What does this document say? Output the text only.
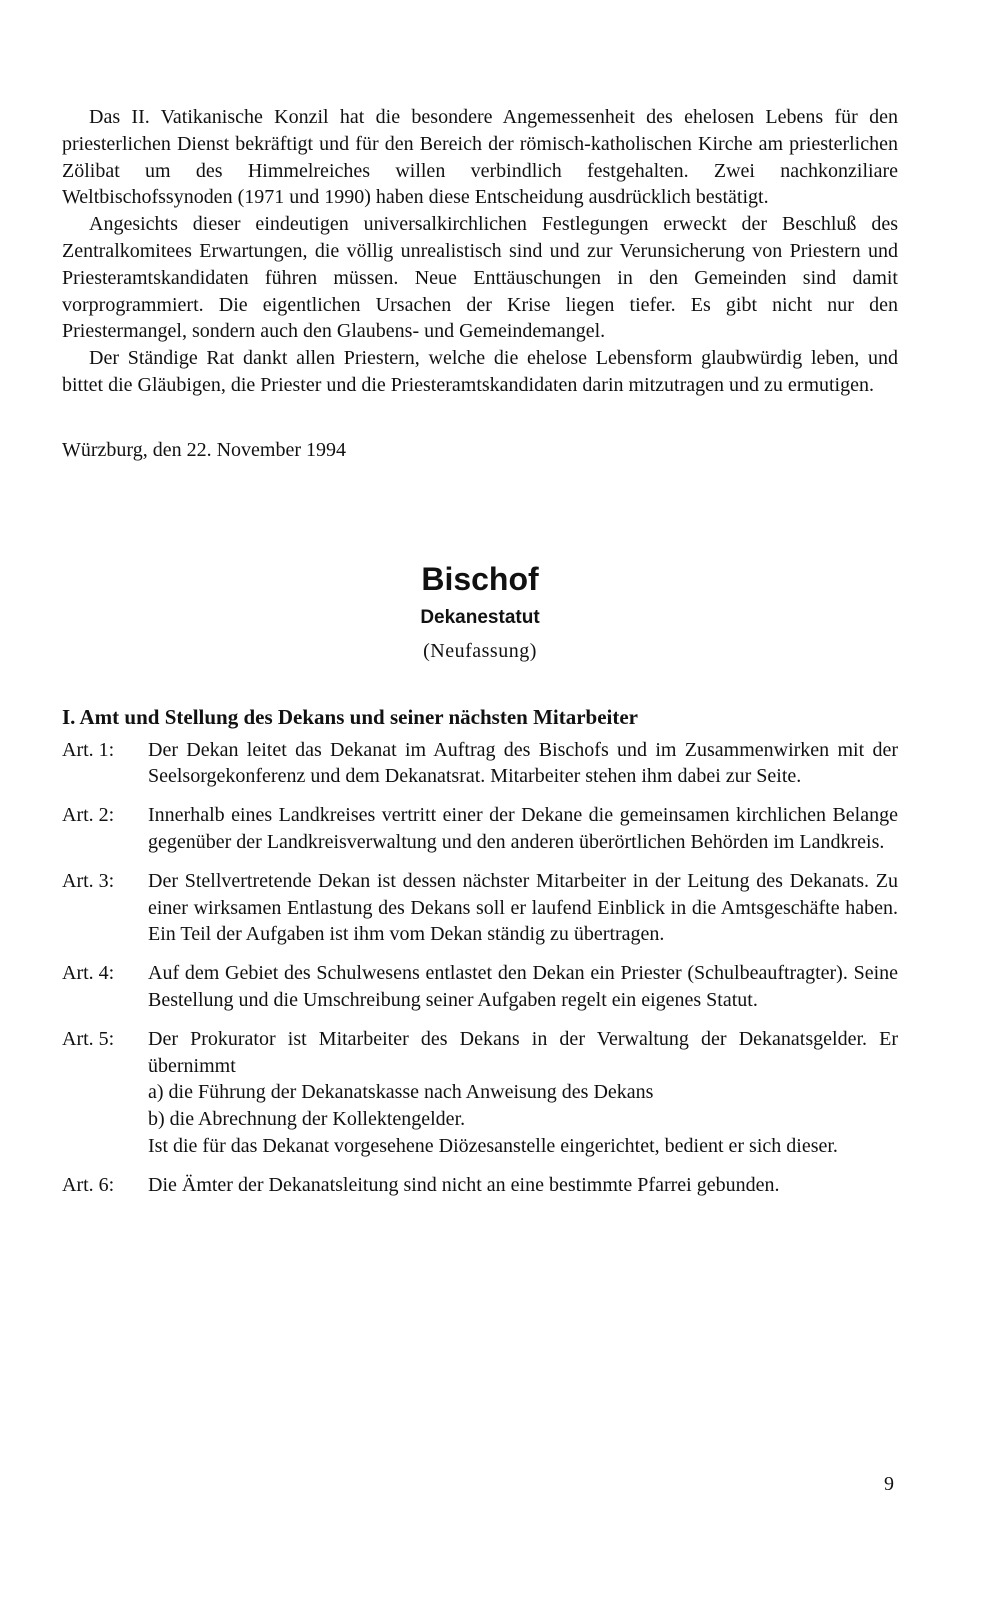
Das II. Vatikanische Konzil hat die besondere Angemessenheit des ehelosen Lebens für den priesterlichen Dienst bekräftigt und für den Bereich der römisch-katholischen Kirche am priesterlichen Zölibat um des Himmelreiches willen verbindlich festgehalten. Zwei nachkonziliare Weltbischofssynoden (1971 und 1990) haben diese Entscheidung ausdrücklich bestätigt.

Angesichts dieser eindeutigen universalkirchlichen Festlegungen erweckt der Beschluß des Zentralkomitees Erwartungen, die völlig unrealistisch sind und zur Verunsicherung von Priestern und Priesteramtskandidaten führen müssen. Neue Enttäuschungen in den Gemeinden sind damit vorprogrammiert. Die eigentlichen Ursachen der Krise liegen tiefer. Es gibt nicht nur den Priestermangel, sondern auch den Glaubens- und Gemeindemangel.

Der Ständige Rat dankt allen Priestern, welche die ehelose Lebensform glaubwürdig leben, und bittet die Gläubigen, die Priester und die Priesteramtskandidaten darin mitzutragen und zu ermutigen.

Würzburg, den 22. November 1994

Bischof
Dekanestatut
(Neufassung)
I. Amt und Stellung des Dekans und seiner nächsten Mitarbeiter
Art. 1:	Der Dekan leitet das Dekanat im Auftrag des Bischofs und im Zusammenwirken mit der Seelsorgekonferenz und dem Dekanatsrat. Mitarbeiter stehen ihm dabei zur Seite.

Art. 2:	Innerhalb eines Landkreises vertritt einer der Dekane die gemeinsamen kirchlichen Belange gegenüber der Landkreisverwaltung und den anderen überörtlichen Behörden im Landkreis.

Art. 3:	Der Stellvertretende Dekan ist dessen nächster Mitarbeiter in der Leitung des Dekanats. Zu einer wirksamen Entlastung des Dekans soll er laufend Einblick in die Amtsgeschäfte haben. Ein Teil der Aufgaben ist ihm vom Dekan ständig zu übertragen.

Art. 4:	Auf dem Gebiet des Schulwesens entlastet den Dekan ein Priester (Schulbeauftragter). Seine Bestellung und die Umschreibung seiner Aufgaben regelt ein eigenes Statut.

Art. 5:	Der Prokurator ist Mitarbeiter des Dekans in der Verwaltung der Dekanatsgelder. Er übernimmt

a) die Führung der Dekanatskasse nach Anweisung des Dekans

b) die Abrechnung der Kollektengelder.

Ist die für das Dekanat vorgesehene Diözesanstelle eingerichtet, bedient er sich dieser.

Art. 6:	Die Ämter der Dekanatsleitung sind nicht an eine bestimmte Pfarrei gebunden.

9
